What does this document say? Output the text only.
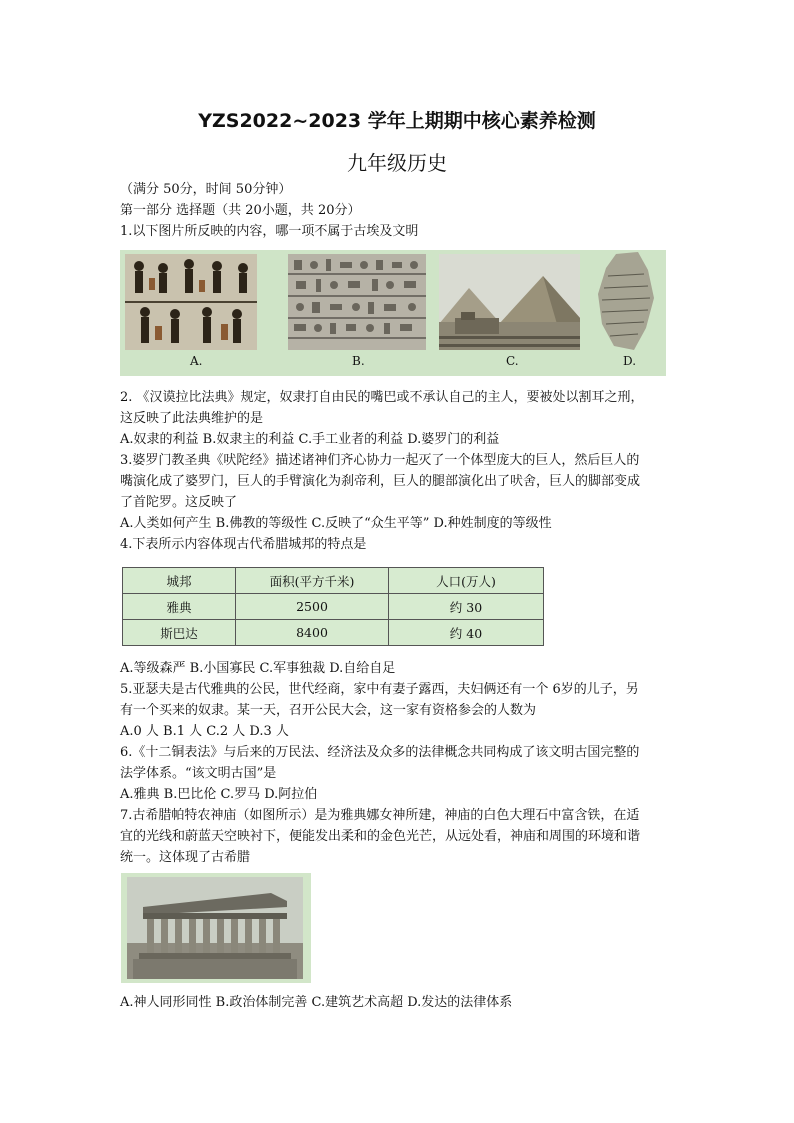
YZS2022~2023 学年上期期中核心素养检测
九年级历史
（满分 50分，时间 50分钟）
第一部分 选择题（共 20小题，共 20分）
1.以下图片所反映的内容，哪一项不属于古埃及文明
A.	B.	C.	D.
2. 《汉谟拉比法典》规定，奴隶打自由民的嘴巴或不承认自己的主人，要被处以割耳之刑，
这反映了此法典维护的是
A.奴隶的利益 B.奴隶主的利益 C.手工业者的利益 D.婆罗门的利益
3.婆罗门教圣典《吠陀经》描述诸神们齐心协力一起灭了一个体型庞大的巨人，然后巨人的
嘴演化成了婆罗门，巨人的手臂演化为刹帝利，巨人的腿部演化出了吠舍，巨人的脚部变成
了首陀罗。这反映了
A.人类如何产生 B.佛教的等级性 C.反映了“众生平等” D.种姓制度的等级性
4.下表所示内容体现古代希腊城邦的特点是
城邦	面积(平方千米)	人口(万人)
雅典	2500	约 30
斯巴达	8400	约 40
A.等级森严 B.小国寡民 C.军事独裁 D.自给自足
5.亚瑟夫是古代雅典的公民，世代经商，家中有妻子露西，夫妇俩还有一个 6岁的儿子，另
有一个买来的奴隶。某一天，召开公民大会，这一家有资格参会的人数为
A.0 人 B.1 人 C.2 人 D.3 人
6.《十二铜表法》与后来的万民法、经济法及众多的法律概念共同构成了该文明古国完整的
法学体系。“该文明古国”是
A.雅典 B.巴比伦 C.罗马 D.阿拉伯
7.古希腊帕特农神庙（如图所示）是为雅典娜女神所建，神庙的白色大理石中富含铁，在适
宜的光线和蔚蓝天空映衬下，便能发出柔和的金色光芒，从远处看，神庙和周围的环境和谐
统一。这体现了古希腊
A.神人同形同性 B.政治体制完善 C.建筑艺术高超 D.发达的法律体系
